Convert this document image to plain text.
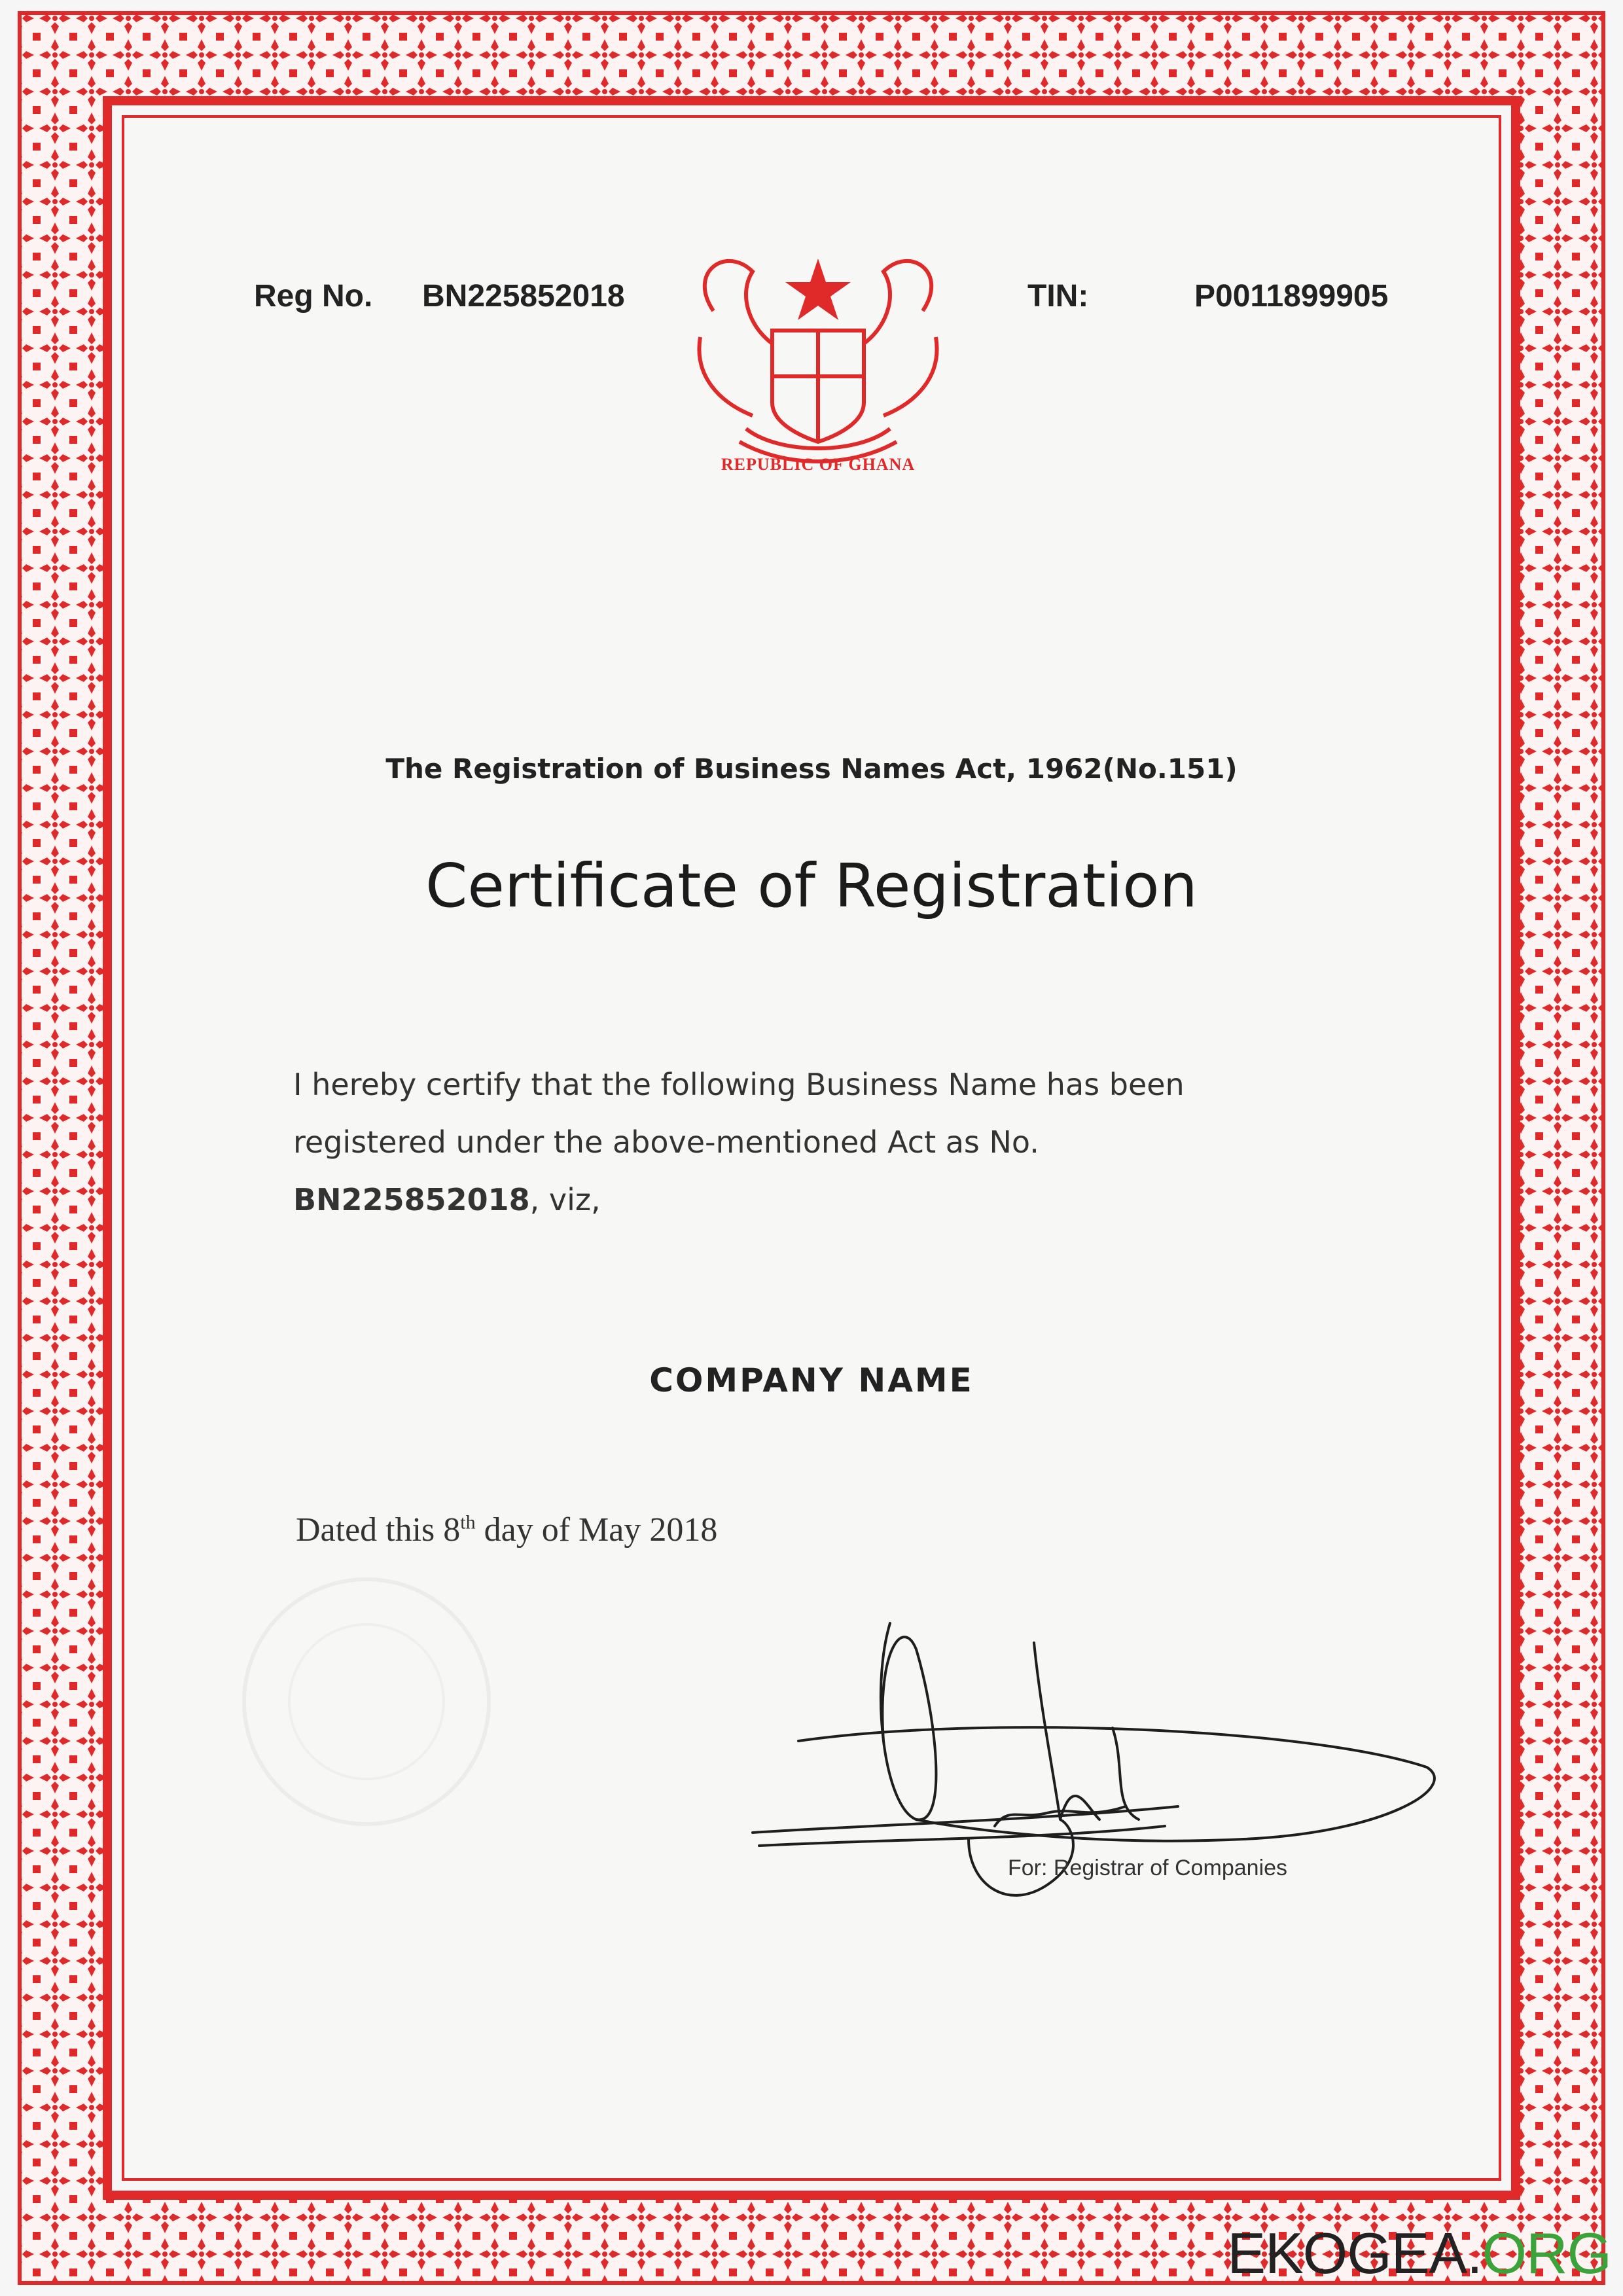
Reg No. BN225852018	TIN:	P0011899905
REPUBLIC OF GHANA
The Registration of Business Names Act, 1962(No.151)
Certificate of Registration
I hereby certify that the following Business Name has been
registered under the above-mentioned Act as No.
BN225852018, viz,
COMPANY NAME
Dated this 8th day of May 2018
For: Registrar of Companies
EKOGEA.ORG
